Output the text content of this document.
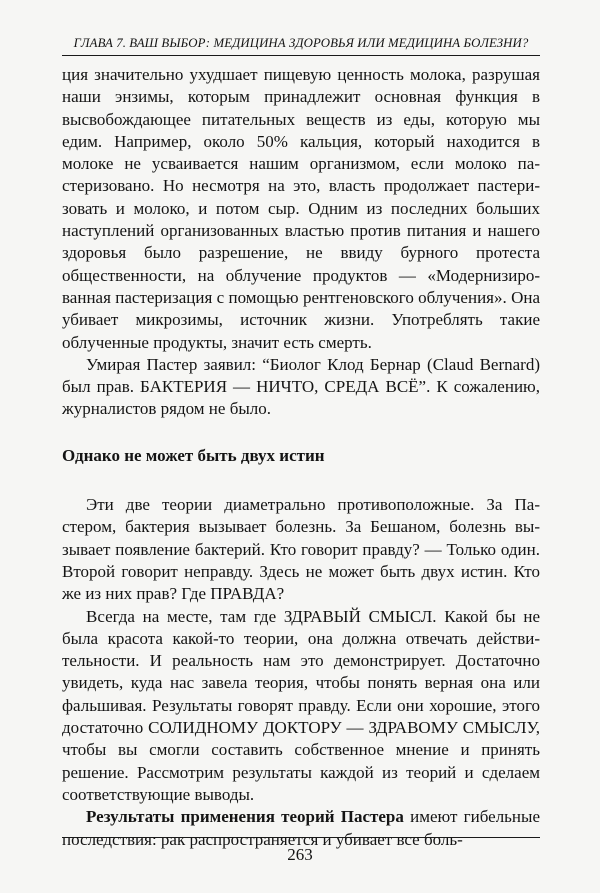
ГЛАВА 7. ВАШ ВЫБОР: МЕДИЦИНА ЗДОРОВЬЯ ИЛИ МЕДИЦИНА БОЛЕЗНИ?

ция значительно ухудшает пищевую ценность молока, разрушая наши энзимы, которым принадлежит основная функция в высвобождающее питательных веществ из еды, которую мы едим. Например, около 50% кальция, который находится в молоке не усваивается нашим организмом, если молоко пастеризовано. Но несмотря на это, власть продолжает пастеризовать и молоко, и потом сыр. Одним из последних больших наступлений организованных властью против питания и нашего здоровья было разрешение, не ввиду бурного протеста общественности, на облучение продуктов — «Модернизированная пастеризация с помощью рентгеновского облучения». Она убивает микрозимы, источник жизни. Употреблять такие облученные продукты, значит есть смерть.

Умирая Пастер заявил: “Биолог Клод Бернар (Claud Bernard) был прав. БАКТЕРИЯ — НИЧТО, СРЕДА ВСЁ”. К сожалению, журналистов рядом не было.

Однако не может быть двух истин

Эти две теории диаметрально противоположные. За Пастером, бактерия вызывает болезнь. За Бешаном, болезнь вызывает появление бактерий. Кто говорит правду? — Только один. Второй говорит неправду. Здесь не может быть двух истин. Кто же из них прав? Где ПРАВДА?

Всегда на месте, там где ЗДРАВЫЙ СМЫСЛ. Какой бы не была красота какой-то теории, она должна отвечать действительности. И реальность нам это демонстрирует. Достаточно увидеть, куда нас завела теория, чтобы понять верная она или фальшивая. Результаты говорят правду. Если они хорошие, этого достаточно СОЛИДНОМУ ДОКТОРУ — ЗДРАВОМУ СМЫСЛУ, чтобы вы смогли составить собственное мнение и принять решение. Рассмотрим результаты каждой из теорий и сделаем соответствующие выводы.

Результаты применения теорий Пастера имеют гибельные последствия: рак распространяется и убивает все боль-

263
